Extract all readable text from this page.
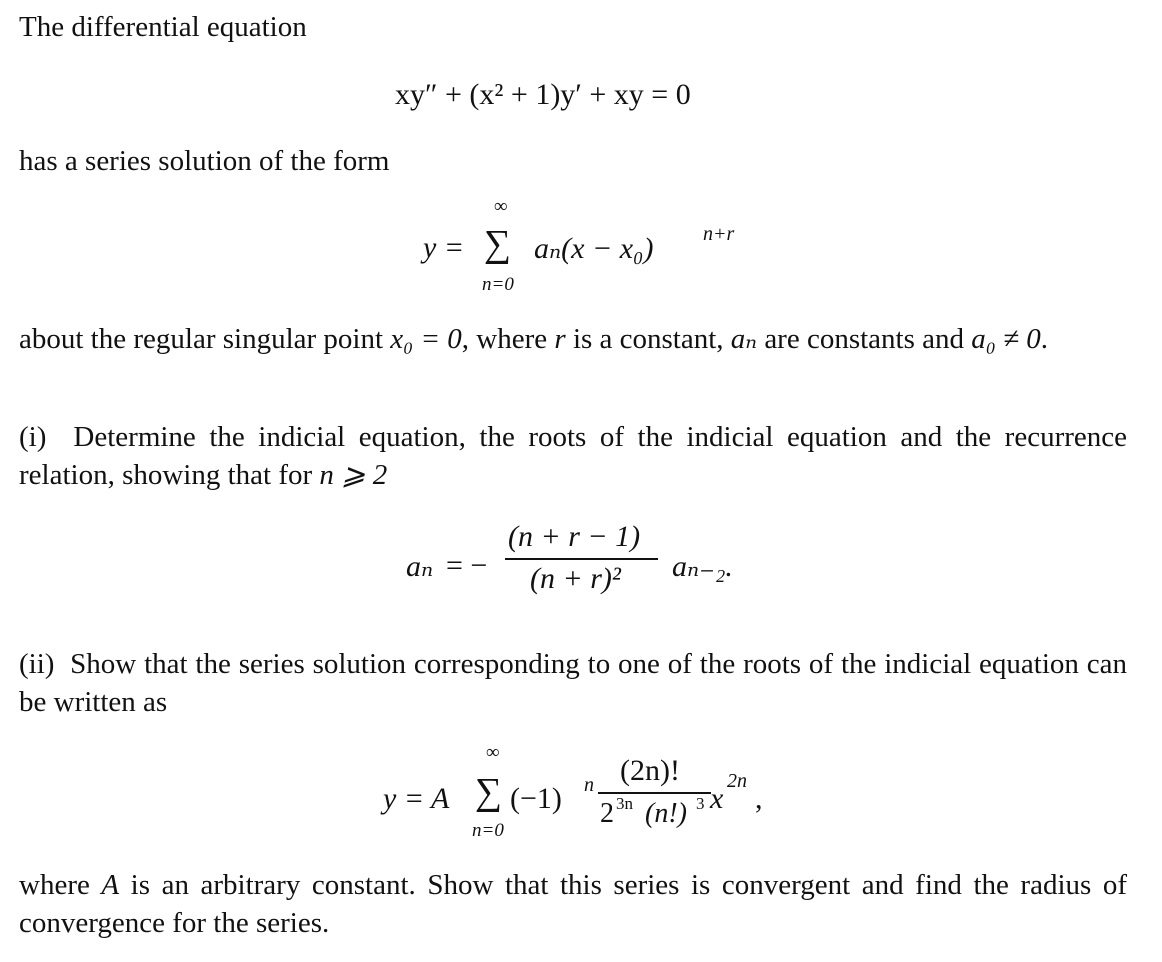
The differential equation

xy″ + (x² + 1)y′ + xy = 0

has a series solution of the form

y =
∞
∑
n=0
aₙ(x − x₀) n+r

about the regular singular point x₀ = 0, where r is a constant, aₙ are constants and a₀ ≠ 0.

(i) Determine the indicial equation, the roots of the indicial equation and the recurrence relation, showing that for n ⩾ 2

aₙ = −
(n + r − 1)
(n + r)² aₙ₋₂.

(ii) Show that the series solution corresponding to one of the roots of the indicial equation can be written as

y = A
∞
∑
n=0
(−1) n (2n)!
2 3n (n!) 3 x
2n
,

where A is an arbitrary constant. Show that this series is convergent and find the radius of convergence for the series.
